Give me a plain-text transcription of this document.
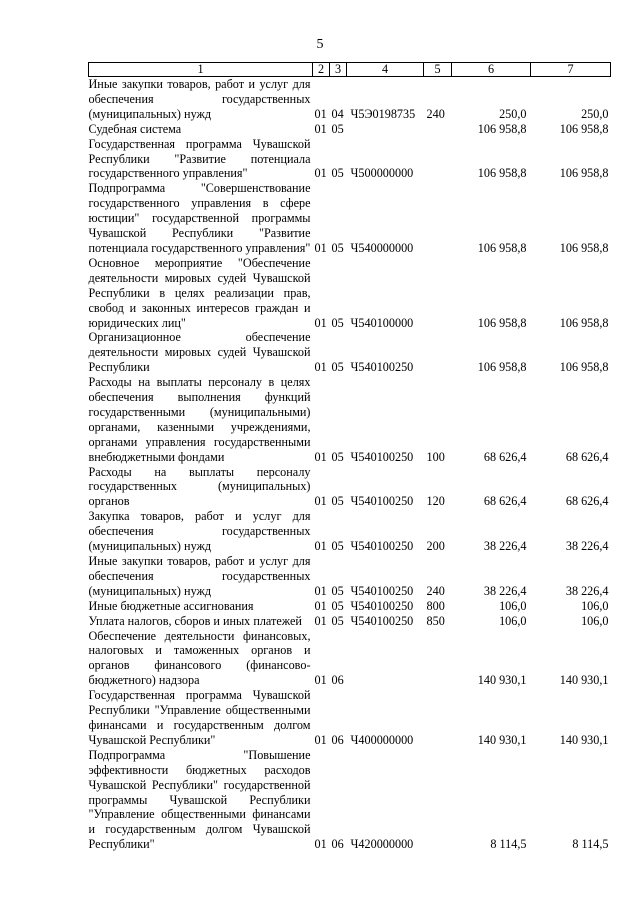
5
1	2	3	4	5	6	7
Иные закупки товаров, работ и услуг для обеспечения государственных (муниципальных) нужд	01	04	Ч5Э0198735	240	250,0	250,0
Судебная система	01	05			106 958,8	106 958,8
Государственная программа Чувашской Республики "Развитие потенциала государственного управления"	01	05	Ч500000000		106 958,8	106 958,8
Подпрограмма "Совершенствование государственного управления в сфере юстиции" государственной программы Чувашской Республики "Развитие потенциала государственного управления"	01	05	Ч540000000		106 958,8	106 958,8
Основное мероприятие "Обеспечение деятельности мировых судей Чувашской Республики в целях реализации прав, свобод и законных интересов граждан и юридических лиц"	01	05	Ч540100000		106 958,8	106 958,8
Организационное обеспечение деятельности мировых судей Чувашской Республики	01	05	Ч540100250		106 958,8	106 958,8
Расходы на выплаты персоналу в целях обеспечения выполнения функций государственными (муниципальными) органами, казенными учреждениями, органами управления государственными внебюджетными фондами	01	05	Ч540100250	100	68 626,4	68 626,4
Расходы на выплаты персоналу государственных (муниципальных) органов	01	05	Ч540100250	120	68 626,4	68 626,4
Закупка товаров, работ и услуг для обеспечения государственных (муниципальных) нужд	01	05	Ч540100250	200	38 226,4	38 226,4
Иные закупки товаров, работ и услуг для обеспечения государственных (муниципальных) нужд	01	05	Ч540100250	240	38 226,4	38 226,4
Иные бюджетные ассигнования	01	05	Ч540100250	800	106,0	106,0
Уплата налогов, сборов и иных платежей	01	05	Ч540100250	850	106,0	106,0
Обеспечение деятельности финансовых, налоговых и таможенных органов и органов финансового (финансово-бюджетного) надзора	01	06			140 930,1	140 930,1
Государственная программа Чувашской Республики "Управление общественными финансами и государственным долгом Чувашской Республики"	01	06	Ч400000000		140 930,1	140 930,1
Подпрограмма "Повышение эффективности бюджетных расходов Чувашской Республики" государственной программы Чувашской Республики "Управление общественными финансами и государственным долгом Чувашской Республики"	01	06	Ч420000000		8 114,5	8 114,5
